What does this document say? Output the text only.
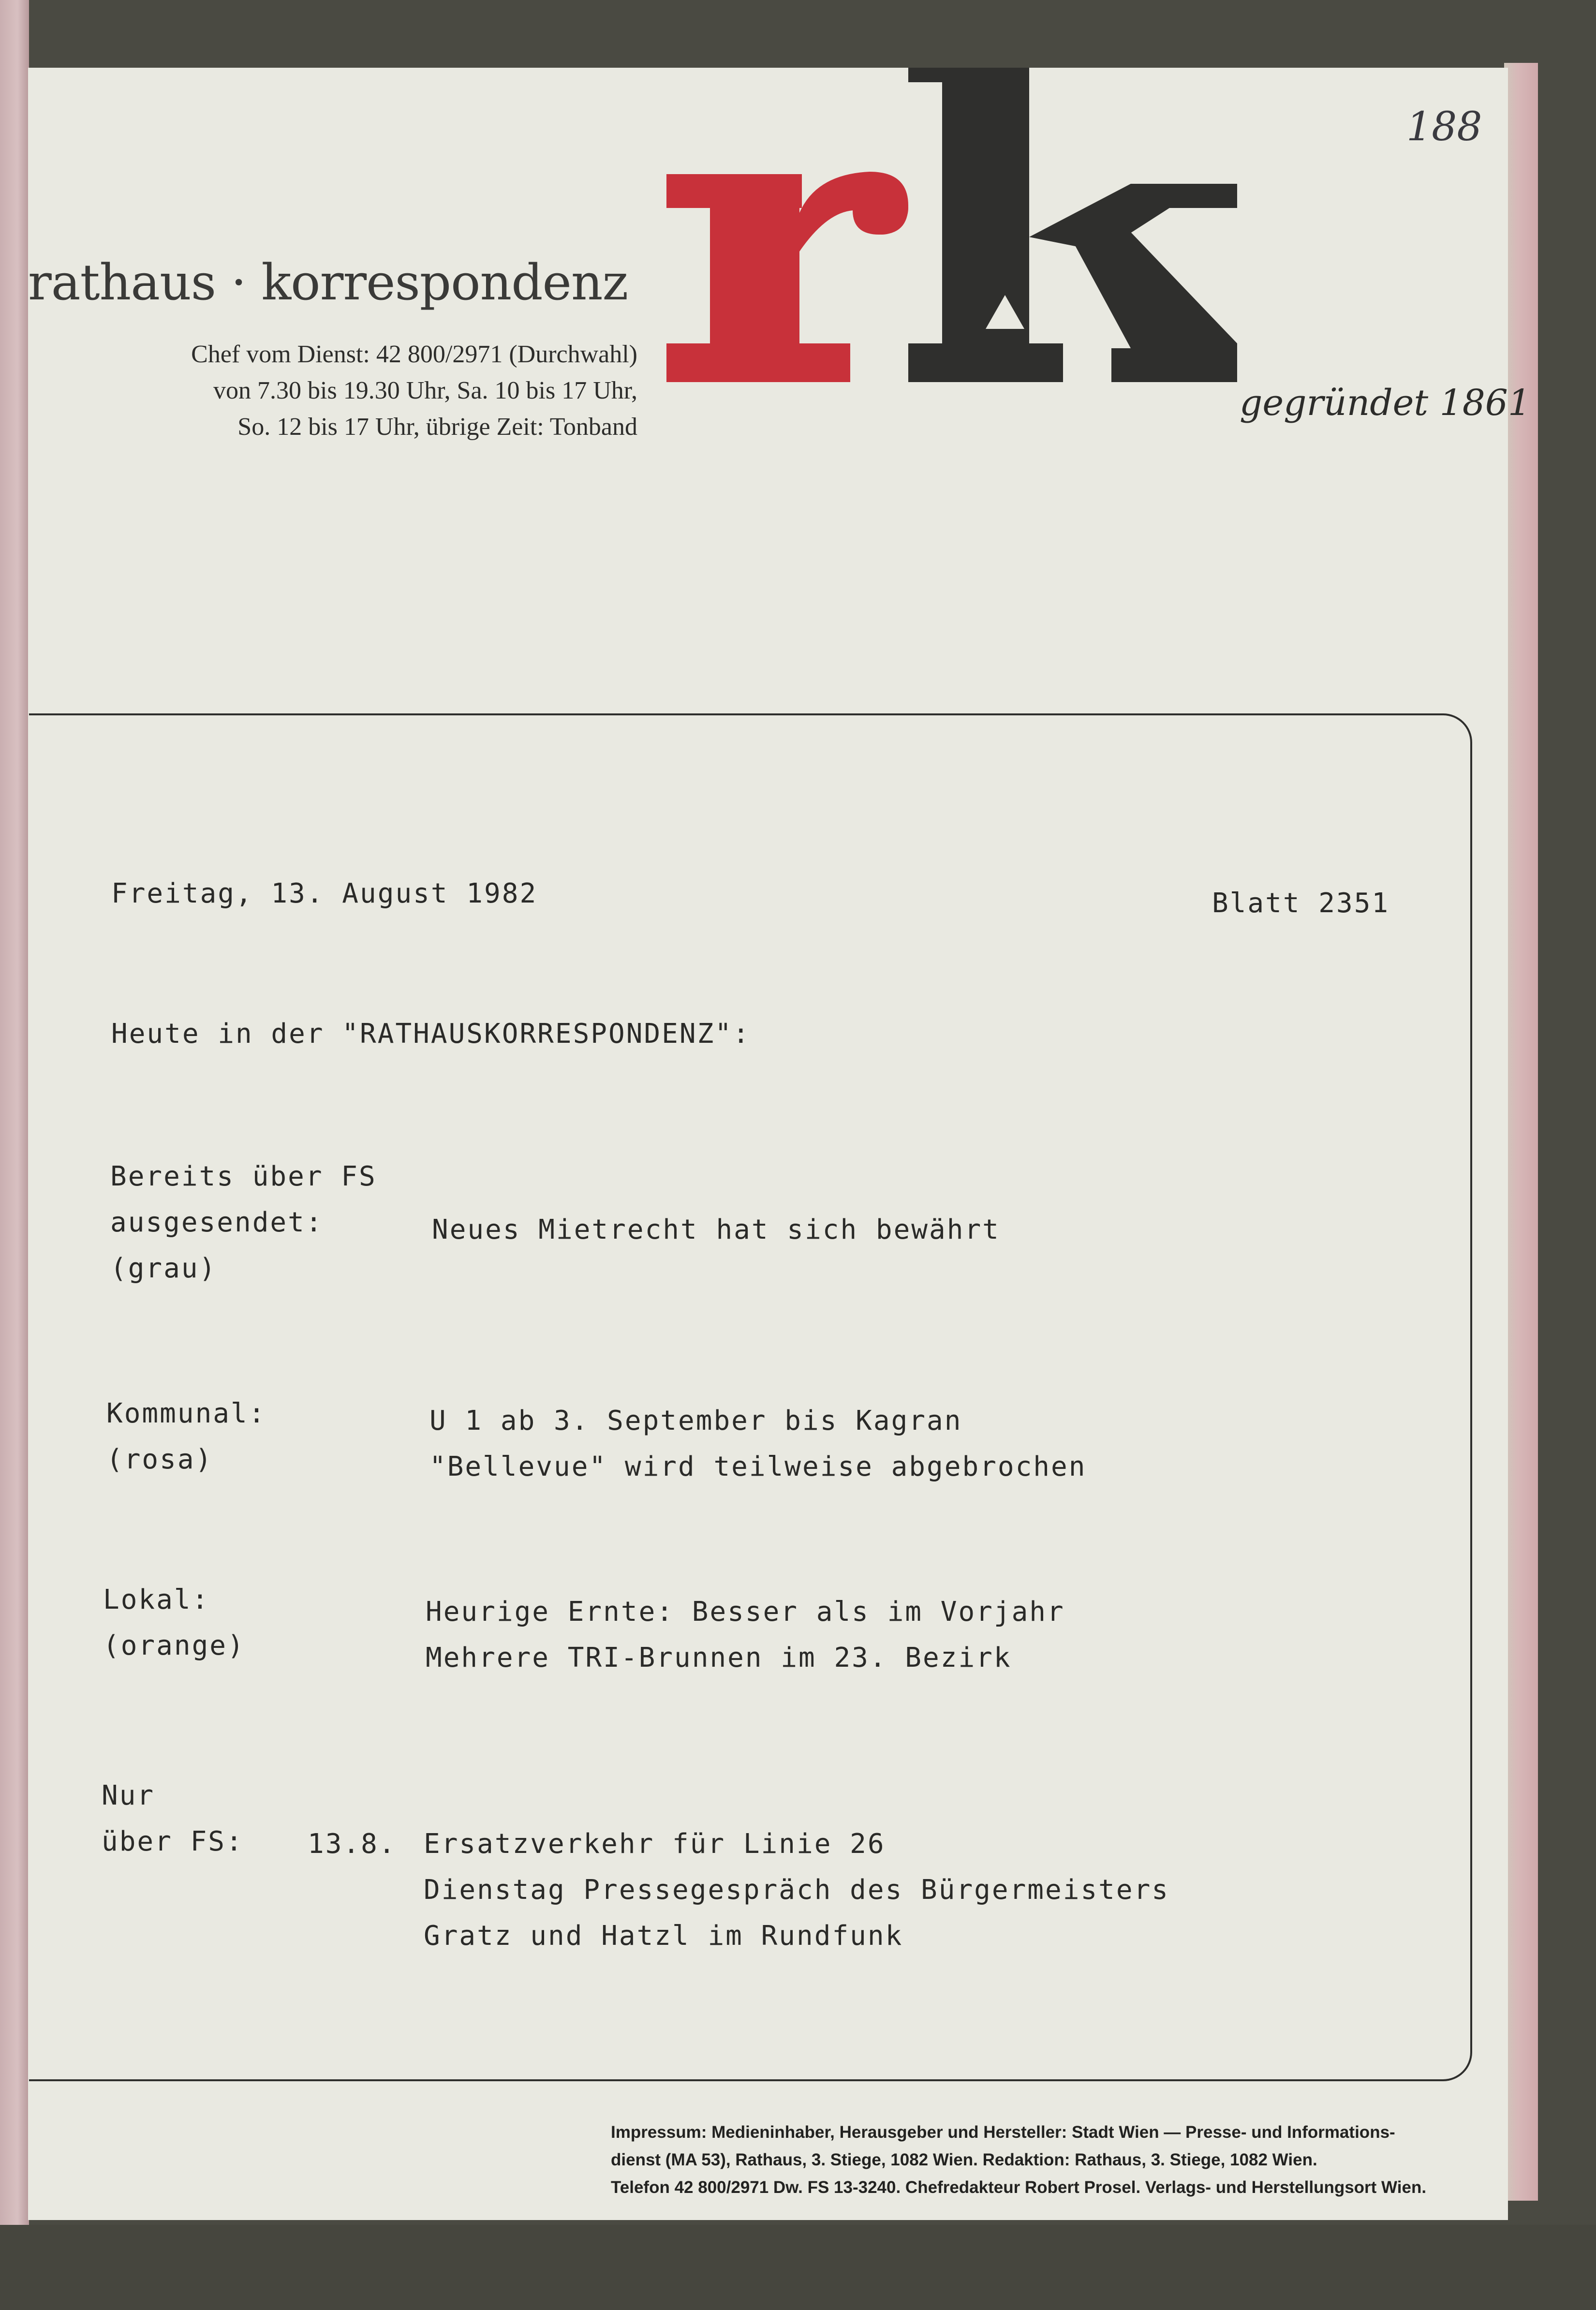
188
rathaus · korrespondenz
Chef vom Dienst: 42 800/2971 (Durchwahl)
von 7.30 bis 19.30 Uhr, Sa. 10 bis 17 Uhr,
So. 12 bis 17 Uhr, übrige Zeit: Tonband
gegründet 1861
Freitag, 13. August 1982	Blatt 2351
Heute in der "RATHAUSKORRESPONDENZ":
Bereits über FS
ausgesendet:
(grau)
Neues Mietrecht hat sich bewährt
Kommunal:
(rosa)
U 1 ab 3. September bis Kagran
"Bellevue" wird teilweise abgebrochen
Lokal:
(orange)
Heurige Ernte: Besser als im Vorjahr
Mehrere TRI-Brunnen im 23. Bezirk
Nur
über FS: 13.8. Ersatzverkehr für Linie 26
Dienstag Pressegespräch des Bürgermeisters
Gratz und Hatzl im Rundfunk
Impressum: Medieninhaber, Herausgeber und Hersteller: Stadt Wien — Presse- und Informations-
dienst (MA 53), Rathaus, 3. Stiege, 1082 Wien. Redaktion: Rathaus, 3. Stiege, 1082 Wien.
Telefon 42 800/2971 Dw. FS 13-3240. Chefredakteur Robert Prosel. Verlags- und Herstellungsort Wien.
